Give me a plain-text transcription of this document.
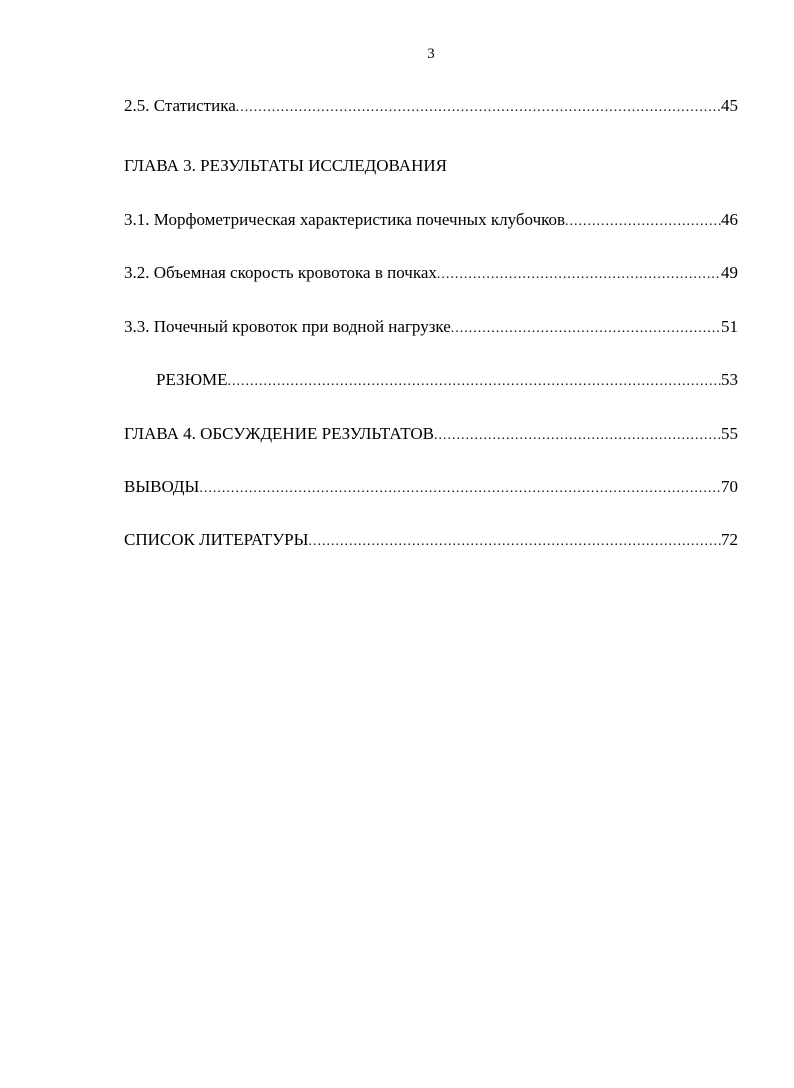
3
2.5. Статистика .....	45
ГЛАВА 3. РЕЗУЛЬТАТЫ ИССЛЕДОВАНИЯ
3.1. Морфометрическая характеристика почечных клубочков .....	46
3.2. Объемная скорость кровотока в почках .....	49
3.3. Почечный кровоток при водной нагрузке .....	51
РЕЗЮМЕ .....	53
ГЛАВА 4. ОБСУЖДЕНИЕ РЕЗУЛЬТАТОВ .....	55
ВЫВОДЫ .....	70
СПИСОК ЛИТЕРАТУРЫ .....	72
